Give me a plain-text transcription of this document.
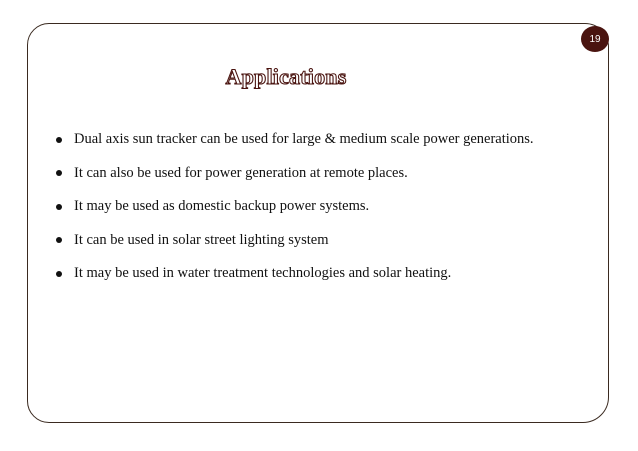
19
Applications
Dual axis sun tracker can be used for large & medium scale power generations.
It can also be used for power generation at remote places.
It may be used as domestic backup power systems.
It can be used in solar street lighting system
It may be used in water treatment technologies and solar heating.
